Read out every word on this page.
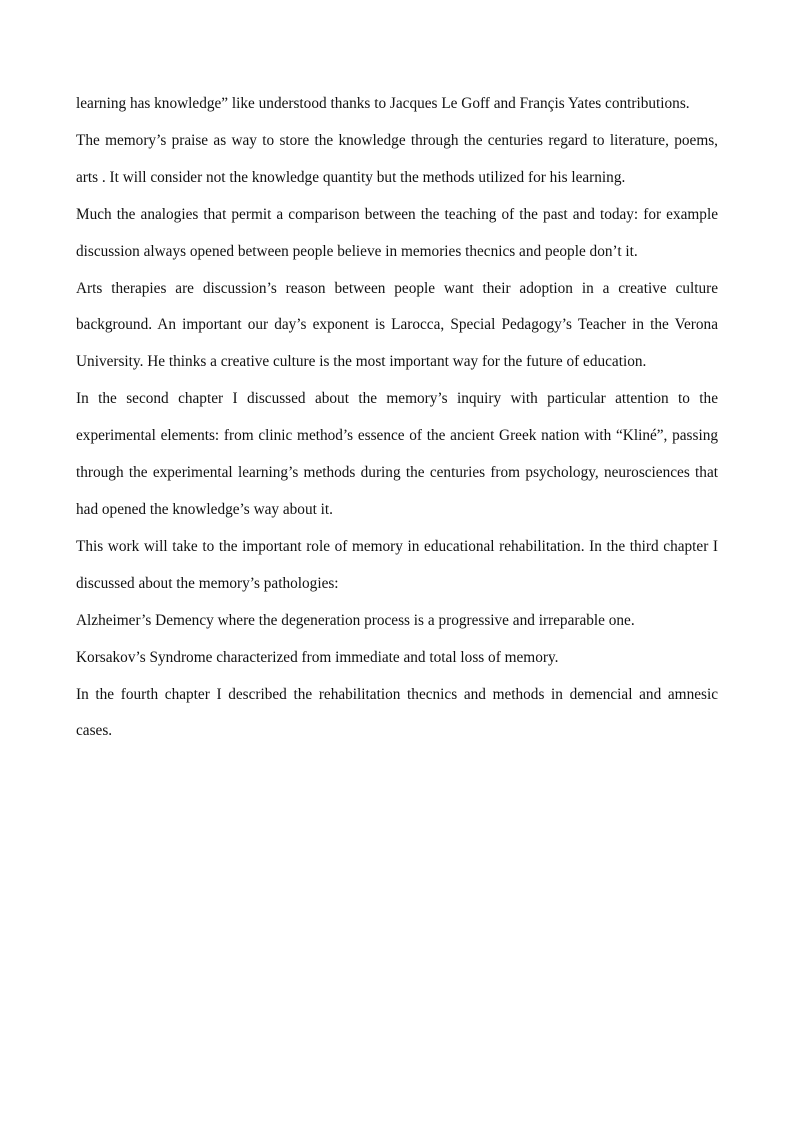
learning has knowledge” like understood thanks to Jacques Le Goff and Françis Yates contributions.

The memory’s praise as way to store the knowledge through the centuries regard to literature, poems, arts . It will consider not the knowledge quantity but the methods utilized for his learning.

Much the analogies that permit a comparison between the teaching of the past and today: for example discussion always opened between people believe in memories thecnics and people don’t it.

Arts therapies are discussion’s reason between people want their adoption in a creative culture background. An important our day’s exponent is Larocca, Special Pedagogy’s Teacher in the Verona University. He thinks a creative culture is the most important way for the future of education.

In the second chapter I discussed about the memory’s inquiry with particular attention to the experimental elements: from clinic method’s essence of the ancient Greek nation with “Kliné”, passing through the experimental learning’s methods during the centuries from psychology, neurosciences that had opened the knowledge’s way about it.

This work will take to the important role of memory in educational rehabilitation. In the third chapter I discussed about the memory’s pathologies:

Alzheimer’s Demency where the degeneration process is a progressive and irreparable one.

Korsakov’s Syndrome characterized from immediate and total loss of memory.

In the fourth chapter I described the rehabilitation thecnics and methods in demencial and amnesic cases.
